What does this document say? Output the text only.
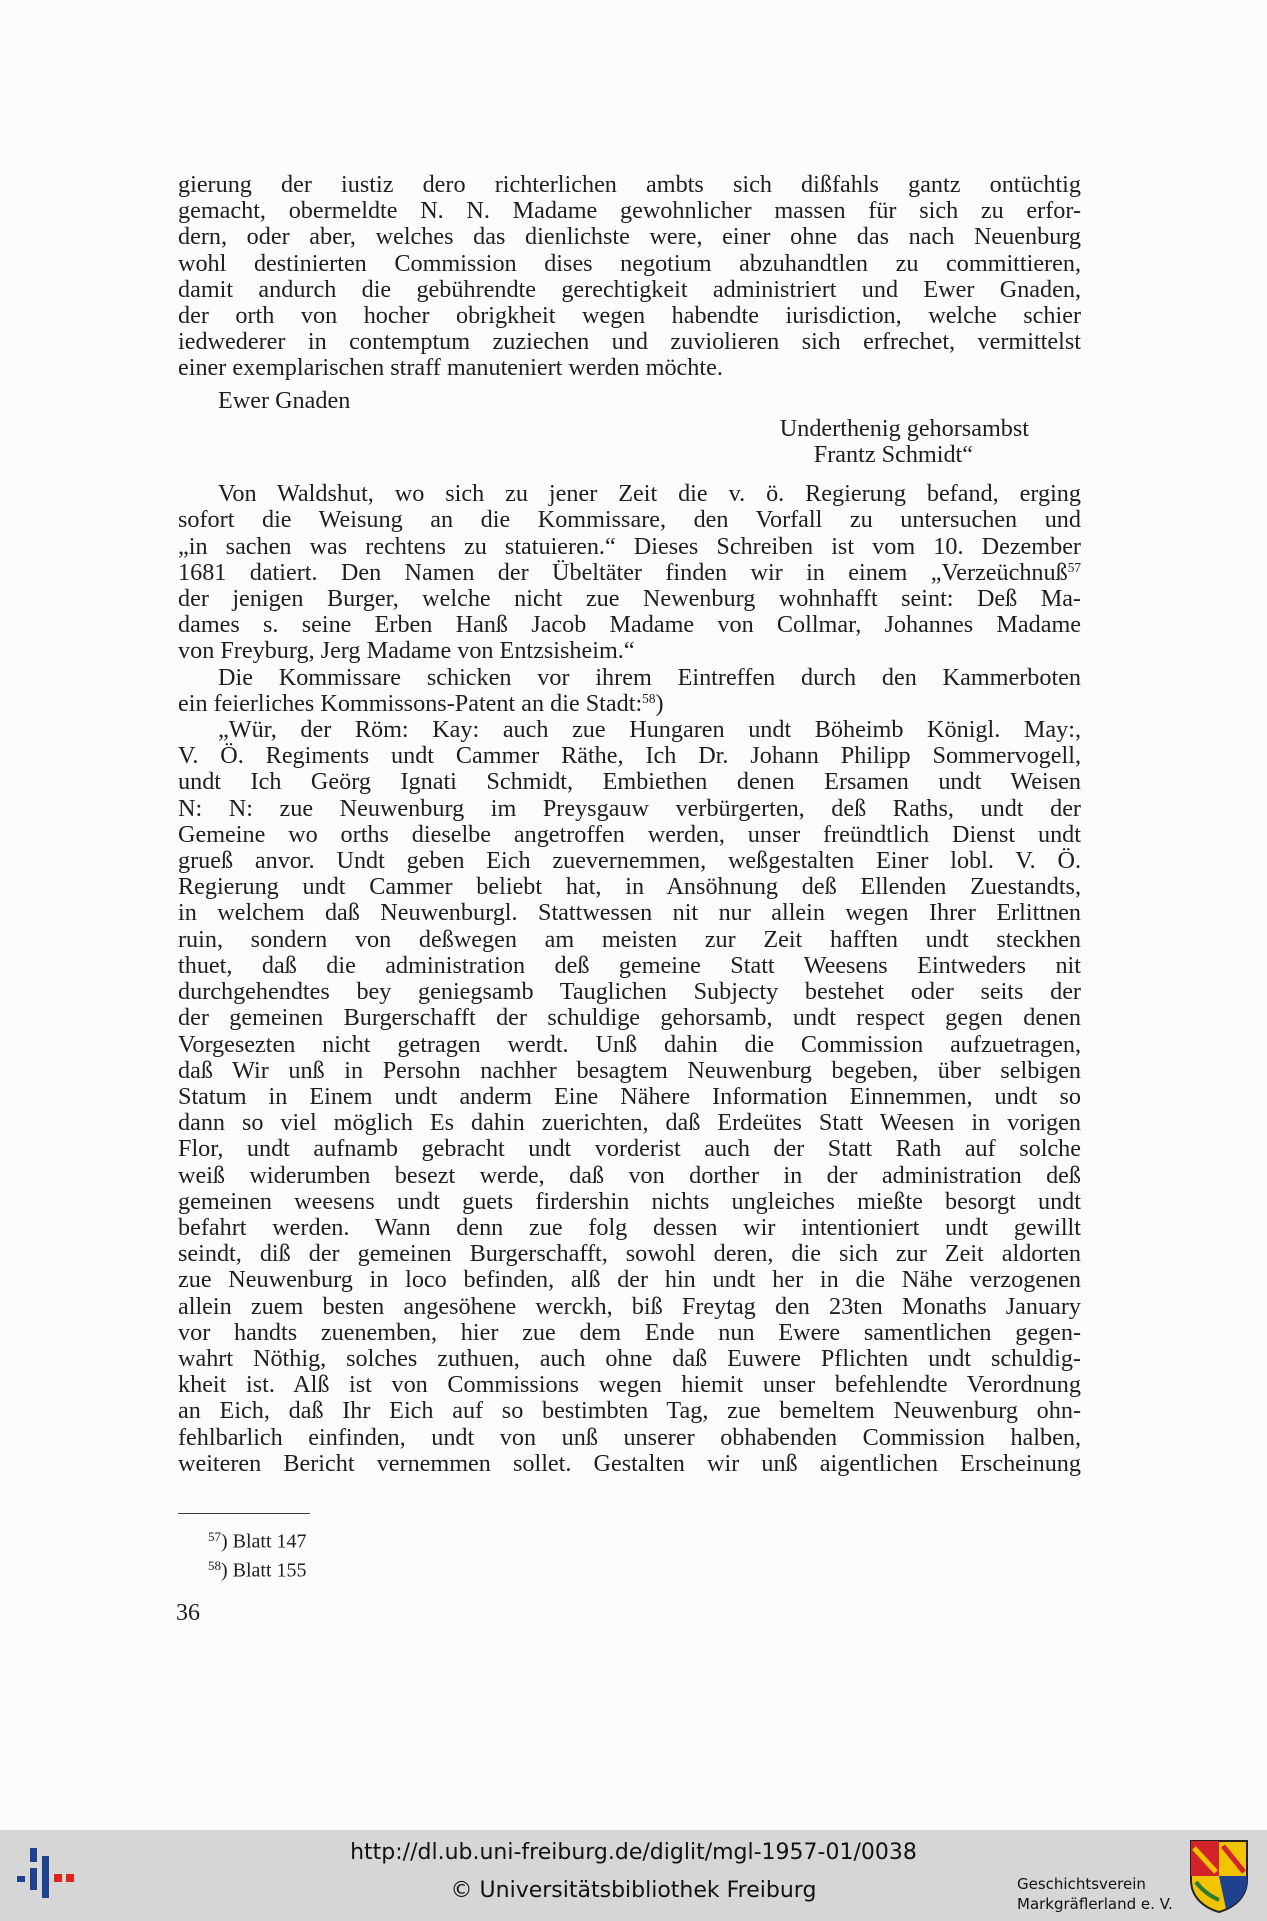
gierung der iustiz dero richterlichen ambts sich dißfahls gantz ontüchtig
gemacht, obermeldte N. N. Madame gewohnlicher massen für sich zu erfor-
dern, oder aber, welches das dienlichste were, einer ohne das nach Neuenburg
wohl destinierten Commission dises negotium abzuhandtlen zu committieren,
damit andurch die gebührendte gerechtigkeit administriert und Ewer Gnaden,
der orth von hocher obrigkheit wegen habendte iurisdiction, welche schier
iedwederer in contemptum zuziechen und zuviolieren sich erfrechet, vermittelst
einer exemplarischen straff manuteniert werden möchte.
Ewer Gnaden
Underthenig gehorsambst
Frantz Schmidt“
Von Waldshut, wo sich zu jener Zeit die v. ö. Regierung befand, erging
sofort die Weisung an die Kommissare, den Vorfall zu untersuchen und
„in sachen was rechtens zu statuieren.“ Dieses Schreiben ist vom 10. Dezember
1681 datiert. Den Namen der Übeltäter finden wir in einem „Verzeüchnuß$^{57}$
der jenigen Burger, welche nicht zue Newenburg wohnhafft seint: Deß Ma-
dames s. seine Erben Hanß Jacob Madame von Collmar, Johannes Madame
von Freyburg, Jerg Madame von Entzsisheim.“
Die Kommissare schicken vor ihrem Eintreffen durch den Kammerboten
ein feierliches Kommissons-Patent an die Stadt:$^{58}$)
„Wür, der Röm: Kay: auch zue Hungaren undt Böheimb Königl. May:,
V. Ö. Regiments undt Cammer Räthe, Ich Dr. Johann Philipp Sommervogell,
undt Ich Geörg Ignati Schmidt, Embiethen denen Ersamen undt Weisen
N: N: zue Neuwenburg im Preysgauw verbürgerten, deß Raths, undt der
Gemeine wo orths dieselbe angetroffen werden, unser freündtlich Dienst undt
grueß anvor. Undt geben Eich zuevernemmen, weßgestalten Einer lobl. V. Ö.
Regierung undt Cammer beliebt hat, in Ansöhnung deß Ellenden Zuestandts,
in welchem daß Neuwenburgl. Stattwessen nit nur allein wegen Ihrer Erlittnen
ruin, sondern von deßwegen am meisten zur Zeit hafften undt steckhen
thuet, daß die administration deß gemeine Statt Weesens Eintweders nit
durchgehendtes bey geniegsamb Tauglichen Subjecty bestehet oder seits der
der gemeinen Burgerschafft der schuldige gehorsamb, undt respect gegen denen
Vorgesezten nicht getragen werdt. Unß dahin die Commission aufzuetragen,
daß Wir unß in Persohn nachher besagtem Neuwenburg begeben, über selbigen
Statum in Einem undt anderm Eine Nähere Information Einnemmen, undt so
dann so viel möglich Es dahin zuerichten, daß Erdeütes Statt Weesen in vorigen
Flor, undt aufnamb gebracht undt vorderist auch der Statt Rath auf solche
weiß widerumben besezt werde, daß von dorther in der administration deß
gemeinen weesens undt guets firdershin nichts ungleiches mießte besorgt undt
befahrt werden. Wann denn zue folg dessen wir intentioniert undt gewillt
seindt, diß der gemeinen Burgerschafft, sowohl deren, die sich zur Zeit aldorten
zue Neuwenburg in loco befinden, alß der hin undt her in die Nähe verzogenen
allein zuem besten angesöhene werckh, biß Freytag den 23ten Monaths January
vor handts zuenemben, hier zue dem Ende nun Ewere samentlichen gegen-
wahrt Nöthig, solches zuthuen, auch ohne daß Euwere Pflichten undt schuldig-
kheit ist. Alß ist von Commissions wegen hiemit unser befehlendte Verordnung
an Eich, daß Ihr Eich auf so bestimbten Tag, zue bemeltem Neuwenburg ohn-
fehlbarlich einfinden, undt von unß unserer obhabenden Commission halben,
weiteren Bericht vernemmen sollet. Gestalten wir unß aigentlichen Erscheinung
$^{57}$) Blatt 147
$^{58}$) Blatt 155
36
http://dl.ub.uni-freiburg.de/diglit/mgl-1957-01/0038
© Universitätsbibliothek Freiburg	Geschichtsverein
Markgräflerland e. V.
